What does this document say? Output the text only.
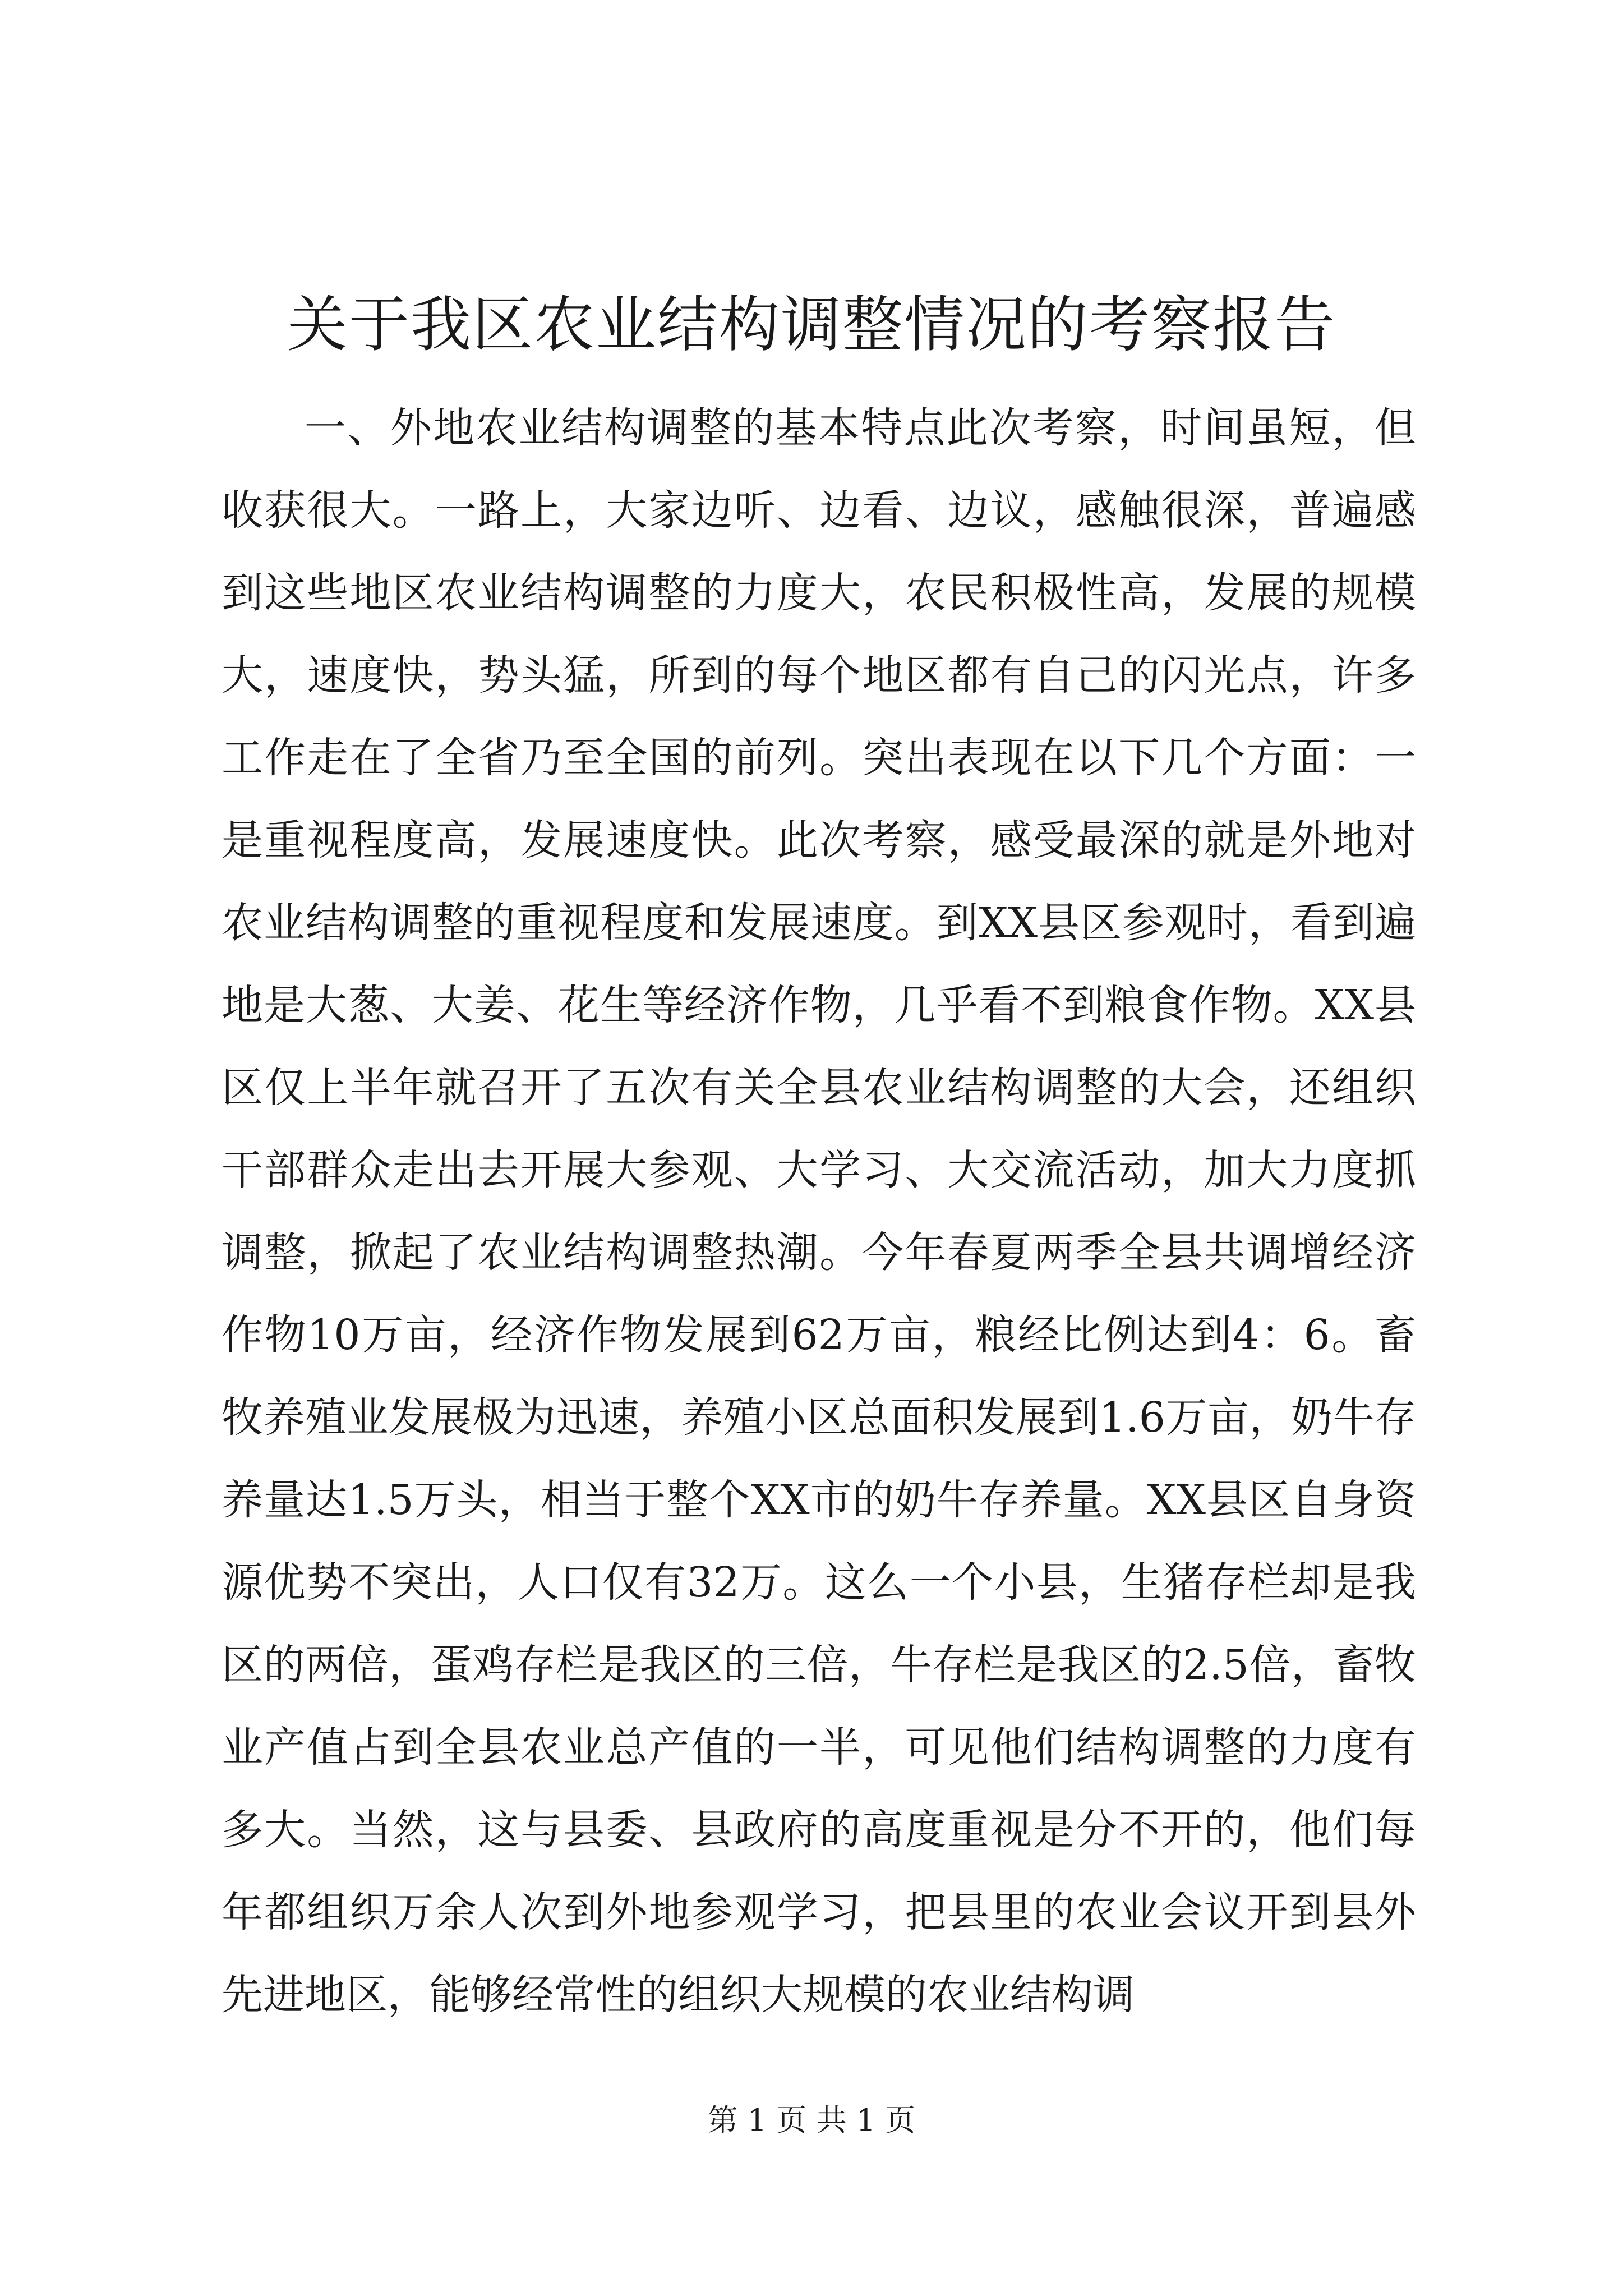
关于我区农业结构调整情况的考察报告

一、外地农业结构调整的基本特点此次考察，时间虽短，但收获很大。一路上，大家边听、边看、边议，感触很深，普遍感到这些地区农业结构调整的力度大，农民积极性高，发展的规模大，速度快，势头猛，所到的每个地区都有自己的闪光点，许多工作走在了全省乃至全国的前列。突出表现在以下几个方面：一是重视程度高，发展速度快。此次考察，感受最深的就是外地对农业结构调整的重视程度和发展速度。到XX县区参观时，看到遍地是大葱、大姜、花生等经济作物，几乎看不到粮食作物。XX县区仅上半年就召开了五次有关全县农业结构调整的大会，还组织干部群众走出去开展大参观、大学习、大交流活动，加大力度抓调整，掀起了农业结构调整热潮。今年春夏两季全县共调增经济作物10万亩，经济作物发展到62万亩，粮经比例达到4：6。畜牧养殖业发展极为迅速，养殖小区总面积发展到1.6万亩，奶牛存养量达1.5万头，相当于整个XX市的奶牛存养量。XX县区自身资源优势不突出，人口仅有32万。这么一个小县，生猪存栏却是我区的两倍，蛋鸡存栏是我区的三倍，牛存栏是我区的2.5倍，畜牧业产值占到全县农业总产值的一半，可见他们结构调整的力度有多大。当然，这与县委、县政府的高度重视是分不开的，他们每年都组织万余人次到外地参观学习，把县里的农业会议开到县外先进地区，能够经常性的组织大规模的农业结构调

第 1 页 共 1 页
